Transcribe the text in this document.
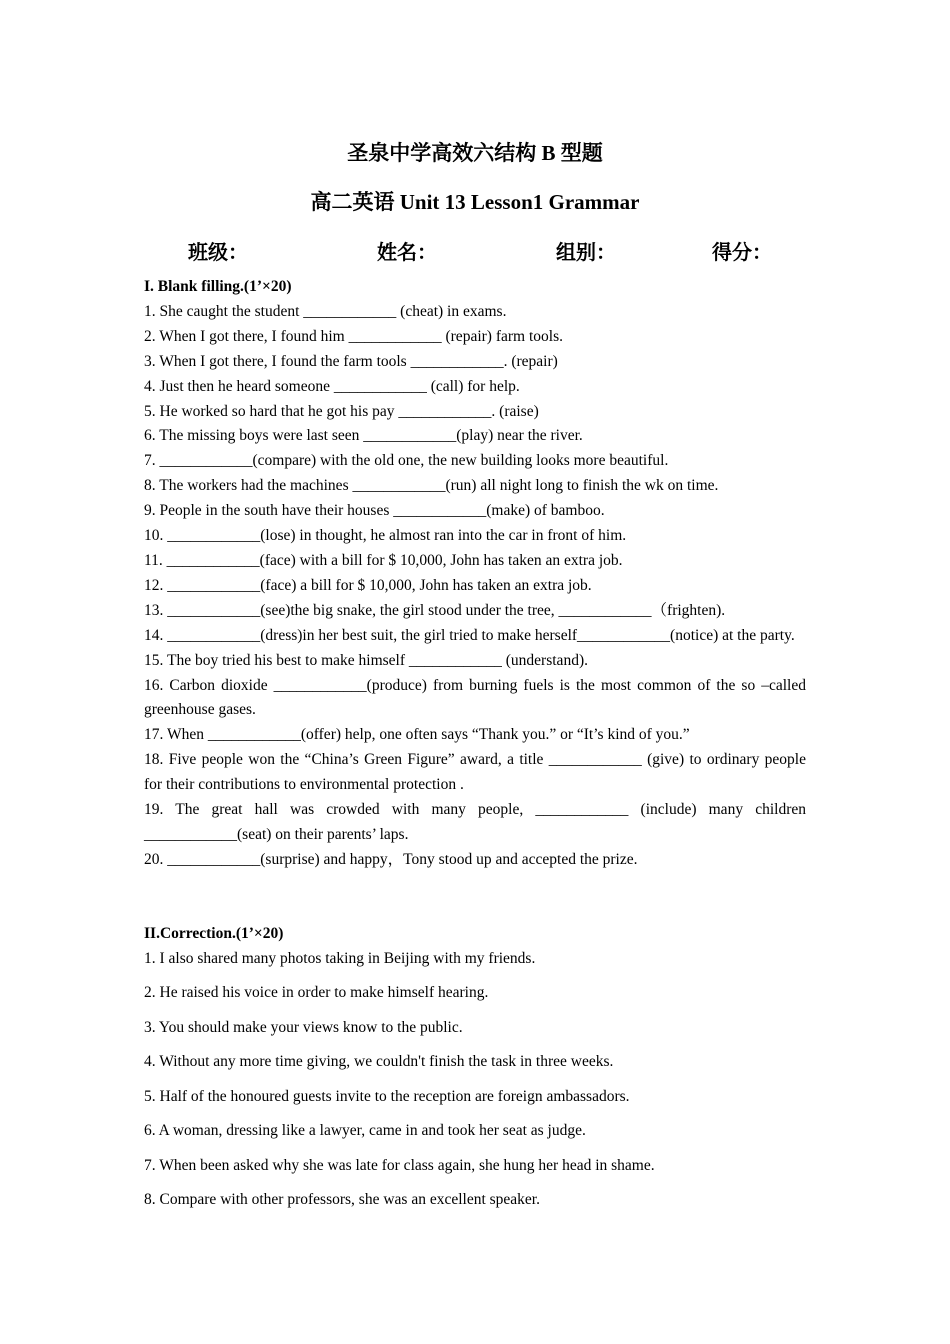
圣泉中学高效六结构 B 型题
高二英语 Unit 13 Lesson1 Grammar
班级：	姓名：	组别：	得分：
I. Blank filling.(1’×20)

1. She caught the student ____________ (cheat) in exams.

2. When I got there, I found him ____________ (repair) farm tools.

3. When I got there, I found the farm tools ____________. (repair)

4. Just then he heard someone ____________ (call) for help.

5. He worked so hard that he got his pay ____________. (raise)

6. The missing boys were last seen ____________(play) near the river.

7. ____________(compare) with the old one, the new building looks more beautiful.

8. The workers had the machines ____________(run) all night long to finish the wk on time.

9. People in the south have their houses ____________(make) of bamboo.

10. ____________(lose) in thought, he almost ran into the car in front of him.

11. ____________(face) with a bill for $ 10,000, John has taken an extra job.

12. ____________(face) a bill for $ 10,000, John has taken an extra job.

13. ____________(see)the big snake, the girl stood under the tree, ____________（frighten).

14. ____________(dress)in her best suit, the girl tried to make herself____________(notice) at the party.

15. The boy tried his best to make himself ____________ (understand).

16. Carbon dioxide ____________(produce) from burning fuels is the most common of the so –called greenhouse gases.

17. When ____________(offer) help, one often says “Thank you.” or “It’s kind of you.”

18. Five people won the “China’s Green Figure” award, a title ____________ (give) to ordinary people for their contributions to environmental protection .

19. The great hall was crowded with many people, ____________ (include) many children ____________(seat) on their parents’ laps.

20. ____________(surprise) and happy，Tony stood up and accepted the prize.

II.Correction.(1’×20)

1. I also shared many photos taking in Beijing with my friends.

2. He raised his voice in order to make himself hearing.

3. You should make your views know to the public.

4. Without any more time giving, we couldn't finish the task in three weeks.

5. Half of the honoured guests invite to the reception are foreign ambassadors.

6. A woman, dressing like a lawyer, came in and took her seat as judge.

7. When been asked why she was late for class again, she hung her head in shame.

8. Compare with other professors, she was an excellent speaker.
